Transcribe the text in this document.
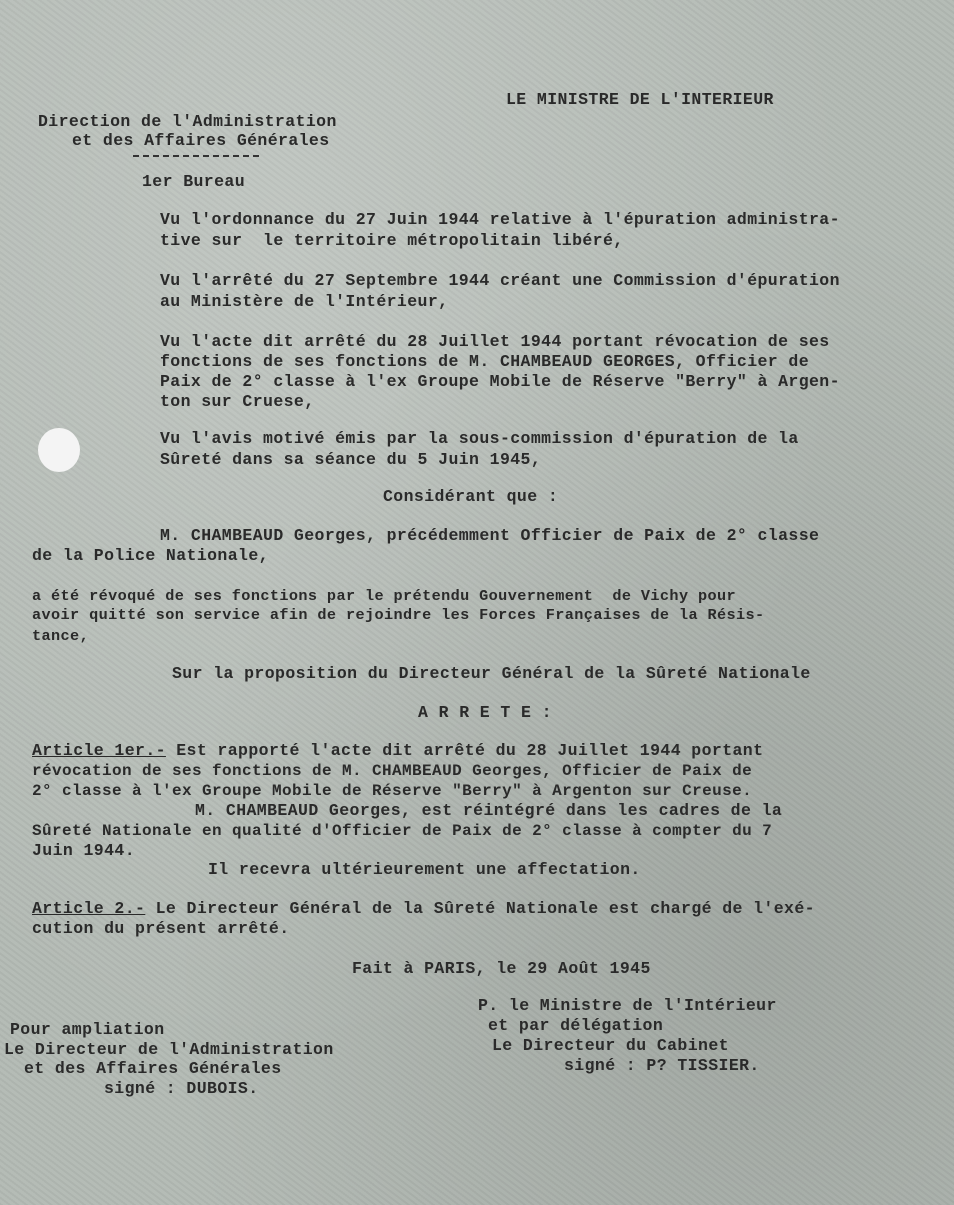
LE MINISTRE DE L'INTERIEUR
Direction de l'Administration
et des Affaires Générales
1er Bureau
Vu l'ordonnance du 27 Juin 1944 relative à l'épuration administra-
tive sur  le territoire métropolitain libéré,
Vu l'arrêté du 27 Septembre 1944 créant une Commission d'épuration
au Ministère de l'Intérieur,
Vu l'acte dit arrêté du 28 Juillet 1944 portant révocation de ses
fonctions de ses fonctions de M. CHAMBEAUD GEORGES, Officier de
Paix de 2° classe à l'ex Groupe Mobile de Réserve "Berry" à Argen-
ton sur Cruese,
Vu l'avis motivé émis par la sous-commission d'épuration de la
Sûreté dans sa séance du 5 Juin 1945,
Considérant que :
M. CHAMBEAUD Georges, précédemment Officier de Paix de 2° classe
de la Police Nationale,
a été révoqué de ses fonctions par le prétendu Gouvernement  de Vichy pour
avoir quitté son service afin de rejoindre les Forces Françaises de la Résis-
tance,
Sur la proposition du Directeur Général de la Sûreté Nationale
A R R E T E :
Article 1er.- Est rapporté l'acte dit arrêté du 28 Juillet 1944 portant
révocation de ses fonctions de M. CHAMBEAUD Georges, Officier de Paix de
2° classe à l'ex Groupe Mobile de Réserve "Berry" à Argenton sur Creuse.
M. CHAMBEAUD Georges, est réintégré dans les cadres de la
Sûreté Nationale en qualité d'Officier de Paix de 2° classe à compter du 7
Juin 1944.
Il recevra ultérieurement une affectation.
Article 2.- Le Directeur Général de la Sûreté Nationale est chargé de l'exé-
cution du présent arrêté.
Fait à PARIS, le 29 Août 1945
P. le Ministre de l'Intérieur
et par délégation
Le Directeur du Cabinet
signé : P? TISSIER.
Pour ampliation
Le Directeur de l'Administration
et des Affaires Générales
signé : DUBOIS.
